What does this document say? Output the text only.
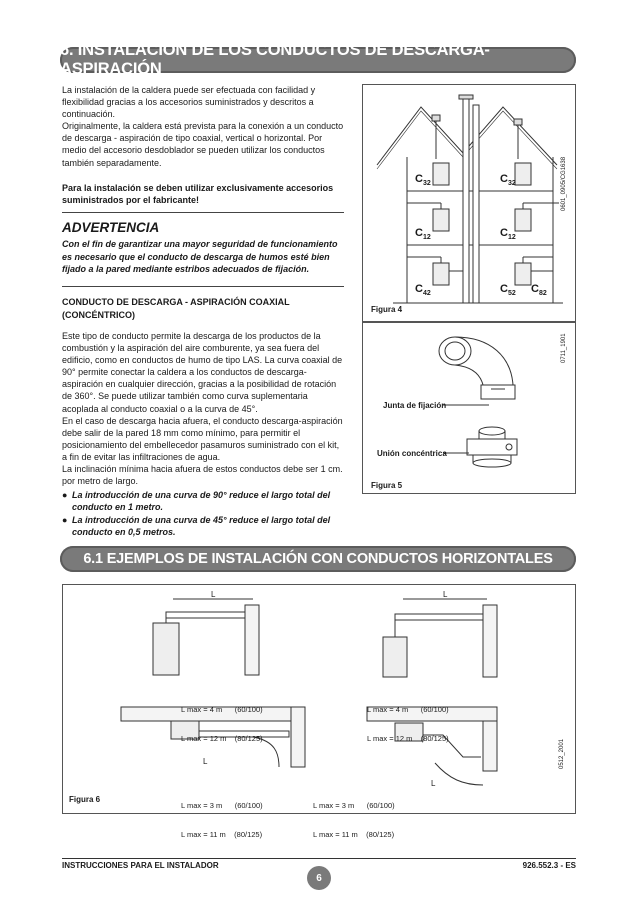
6. INSTALACIÓN DE LOS CONDUCTOS DE DESCARGA-ASPIRACIÓN

La instalación de la caldera puede ser efectuada con facilidad y flexibilidad gracias a los accesorios suministrados y descritos a continuación.

Originalmente, la caldera está prevista para la conexión a un conducto de descarga - aspiración de tipo coaxial, vertical o horizontal. Por medio del accesorio desdoblador se pueden utilizar los conductos también separadamente.

Para la instalación se deben utilizar exclusivamente accesorios suministrados por el fabricante!

ADVERTENCIA
Con el fin de garantizar una mayor seguridad de funcionamiento es necesario que el conducto de descarga de humos esté bien fijado a la pared mediante estribos adecuados de fijación.
CONDUCTO DE DESCARGA - ASPIRACIÓN COAXIAL (CONCÉNTRICO)

Este tipo de conducto permite la descarga de los productos de la combustión y la aspiración del aire comburente, ya sea fuera del edificio, como en conductos de humo de tipo LAS. La curva coaxial de 90° permite conectar la caldera a los conductos de descarga-aspiración en cualquier dirección, gracias a la posibilidad de rotación de 360°. Se puede utilizar también como curva suplementaria acoplada al conducto coaxial o a la curva de 45°.

En el caso de descarga hacia afuera, el conducto descarga-aspiración debe salir de la pared 18 mm como mínimo, para permitir el posicionamiento del embellecedor pasamuros suministrado con el kit, a fin de evitar las infiltraciones de agua.

La inclinación mínima hacia afuera de estos conductos debe ser 1 cm. por metro de largo.

● La introducción de una curva de 90° reduce el largo total del conducto en 1 metro.
● La introducción de una curva de 45° reduce el largo total del conducto en 0,5 metros.
$C_{32}$	$C_{32}$
$C_{12}$	$C_{12}$
$C_{42}$	$C_{52}$ $C_{82}$
Figura 4
0601_0905/CG1638
Junta de fijación
Unión concéntrica
Figura 5
0711_1901
6.1 EJEMPLOS DE INSTALACIÓN CON CONDUCTOS HORIZONTALES
L	L
L
L

L max = 4 m      (60/100)

L max = 12 m    (80/125)

L max = 4 m      (60/100)

L max = 12 m    (80/125)

L max = 3 m      (60/100)

L max = 11 m    (80/125)

L max = 3 m      (60/100)

L max = 11 m    (80/125)

Figura 6
0512_2001
INSTRUCCIONES PARA EL INSTALADOR	926.552.3 - ES
6
